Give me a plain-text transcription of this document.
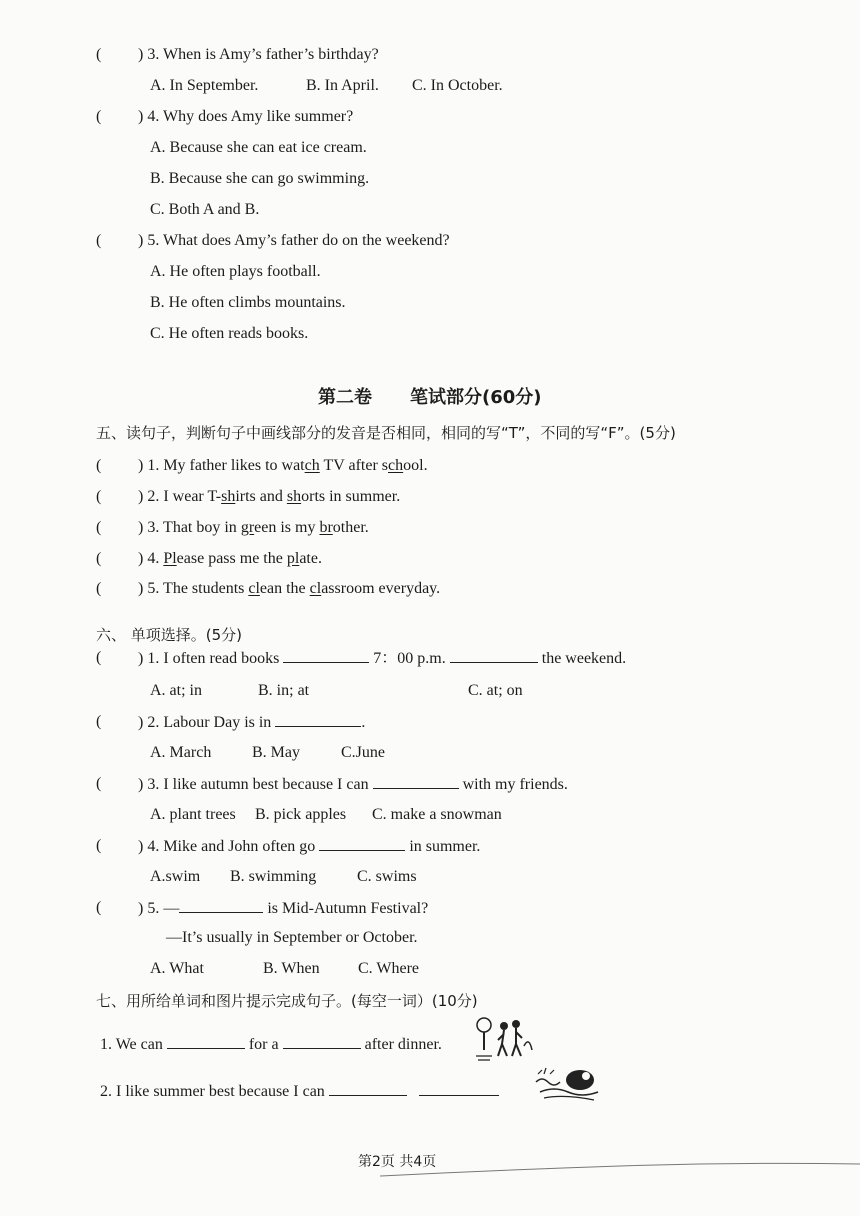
( ) 3. When is Amy’s father’s birthday?
A. In September.	B. In April. C. In October.
( ) 4. Why does Amy like summer?
A. Because she can eat ice cream.
B. Because she can go swimming.
C. Both A and B.
( ) 5. What does Amy’s father do on the weekend?
A. He often plays football.
B. He often climbs mountains.
C. He often reads books.
第二卷 笔试部分(60分)
五、读句子，判断句子中画线部分的发音是否相同，相同的写“T”，不同的写“F”。(5分)
( ) 1. My father likes to watch TV after school.
( ) 2. I wear T-shirts and shorts in summer.
( ) 3. That boy in green is my brother.
( ) 4. Please pass me the plate.
( ) 5. The students clean the classroom everyday.
六、 单项选择。(5分)
( ) 1. I often read books	7：00 p.m.	the weekend.
A. at; in	B. in; at	C. at; on
( ) 2. Labour Day is in	.
A. March	B. May	C.June
( ) 3. I like autumn best because I can	with my friends.
A. plant trees B. pick apples C. make a snowman
( ) 4. Mike and John often go	in summer.
A.swim B. swimming	C. swims
( ) 5. —	is Mid-Autumn Festival?
—It’s usually in September or October.
A. What	B. When C. Where
七、用所给单词和图片提示完成句子。(每空一词）(10分)
1. We can	for a	after dinner.
2. I like summer best because I can
第2页 共4页
